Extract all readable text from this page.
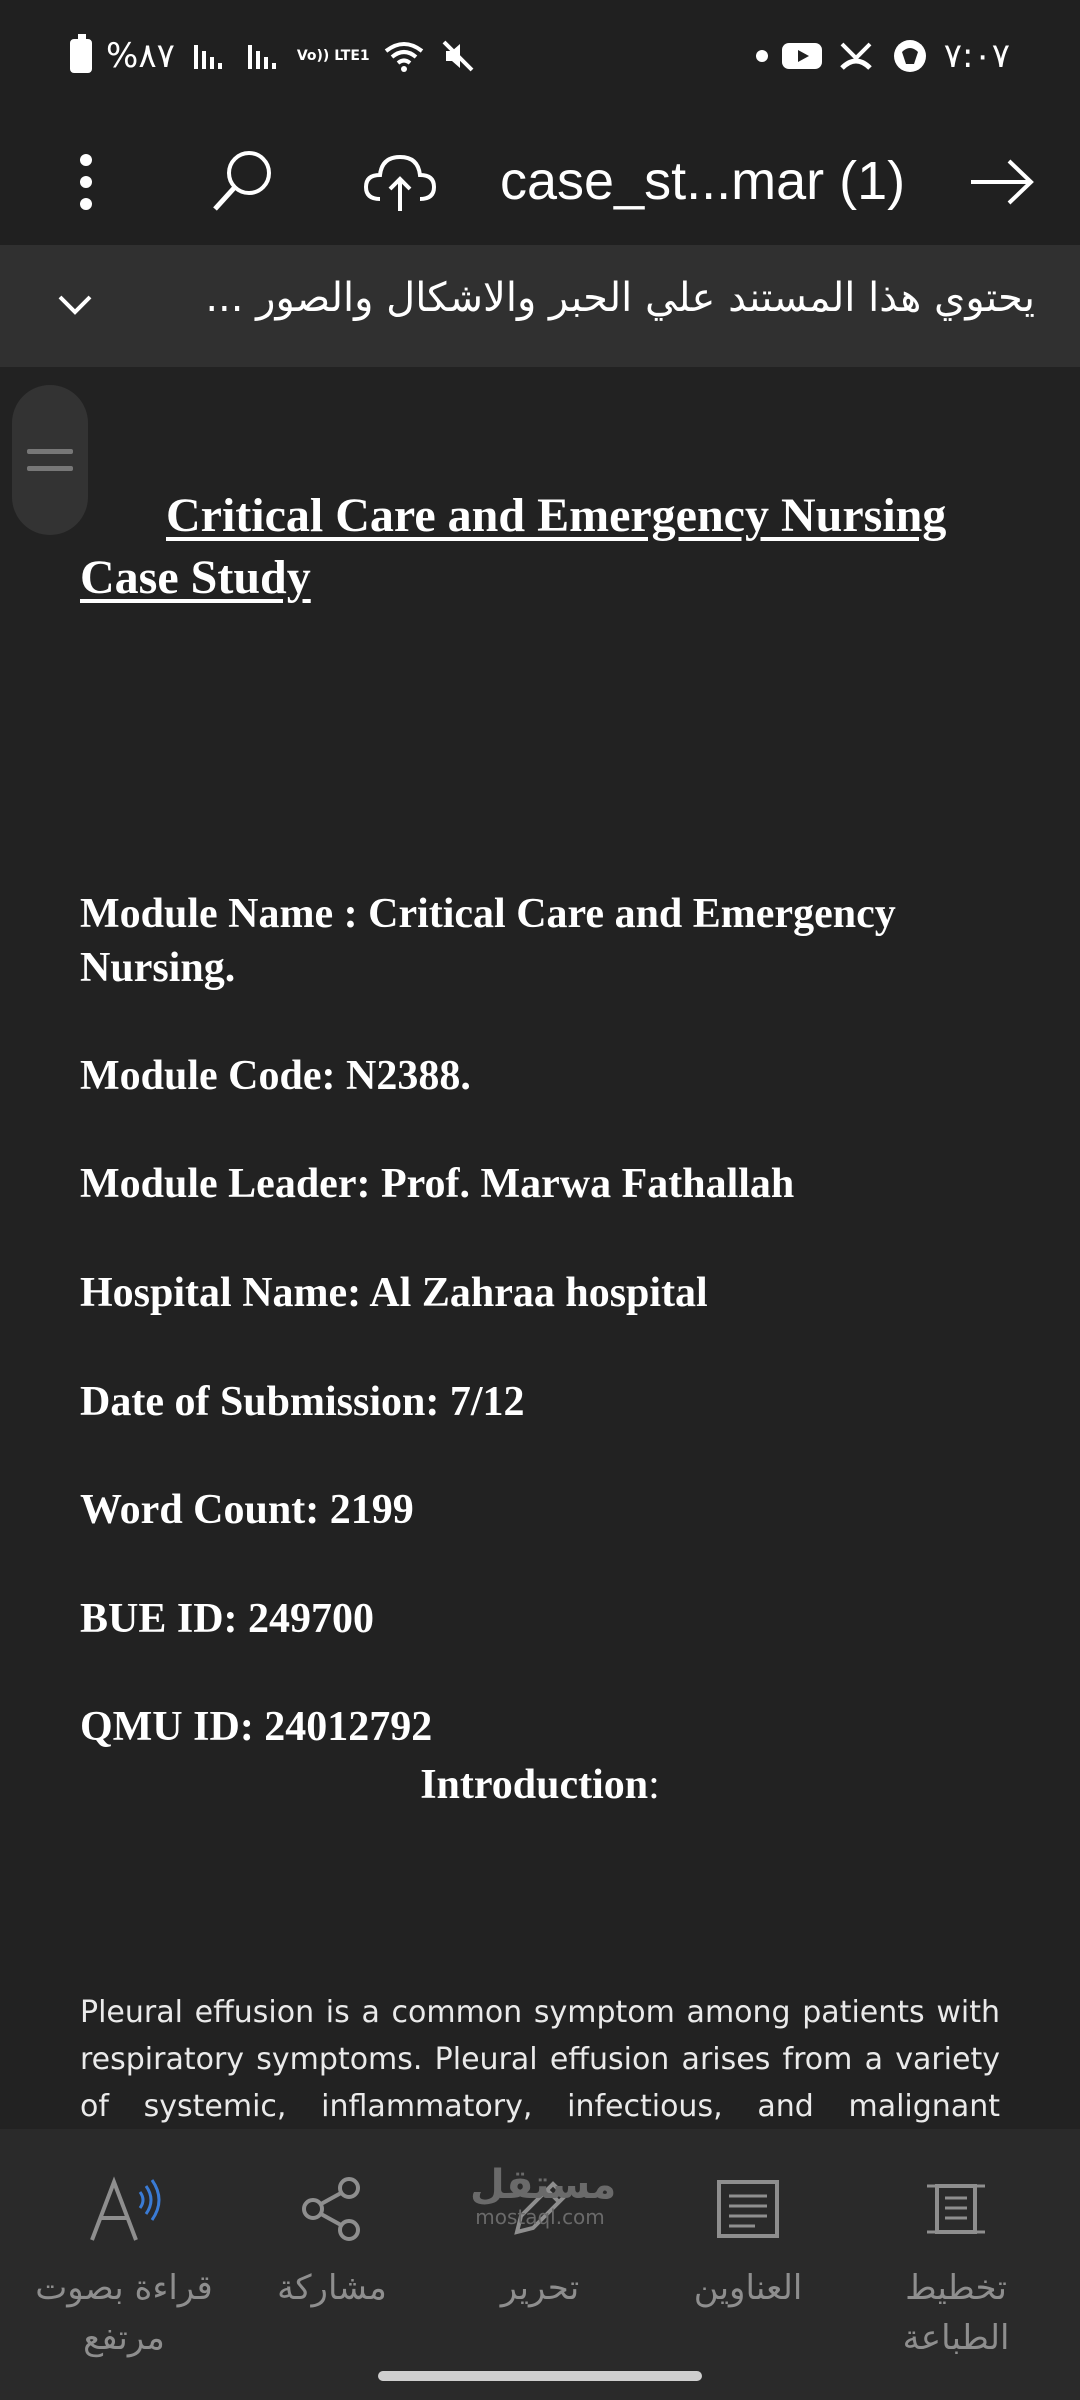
%٨٧	Vo)) LTE1	٧:٠٧
case_st...mar (1)
يحتوي هذا المستند علي الحبر والاشكال والصور ...
Critical Care and Emergency Nursing Case Study
Module Name : Critical Care and Emergency Nursing.
Module Code: N2388.
Module Leader: Prof. Marwa Fathallah
Hospital Name: Al Zahraa hospital
Date of Submission: 7/12
Word Count: 2199
BUE ID: 249700
QMU ID: 24012792
Introduction:
Pleural effusion is a common symptom among patients with respiratory symptoms. Pleural effusion arises from a variety of systemic, inflammatory, infectious, and malignant
قراءة بصوت مرتفع
مشاركة	تحرير	العناوين	تخطيط الطباعة
مستقل
mostaql.com
